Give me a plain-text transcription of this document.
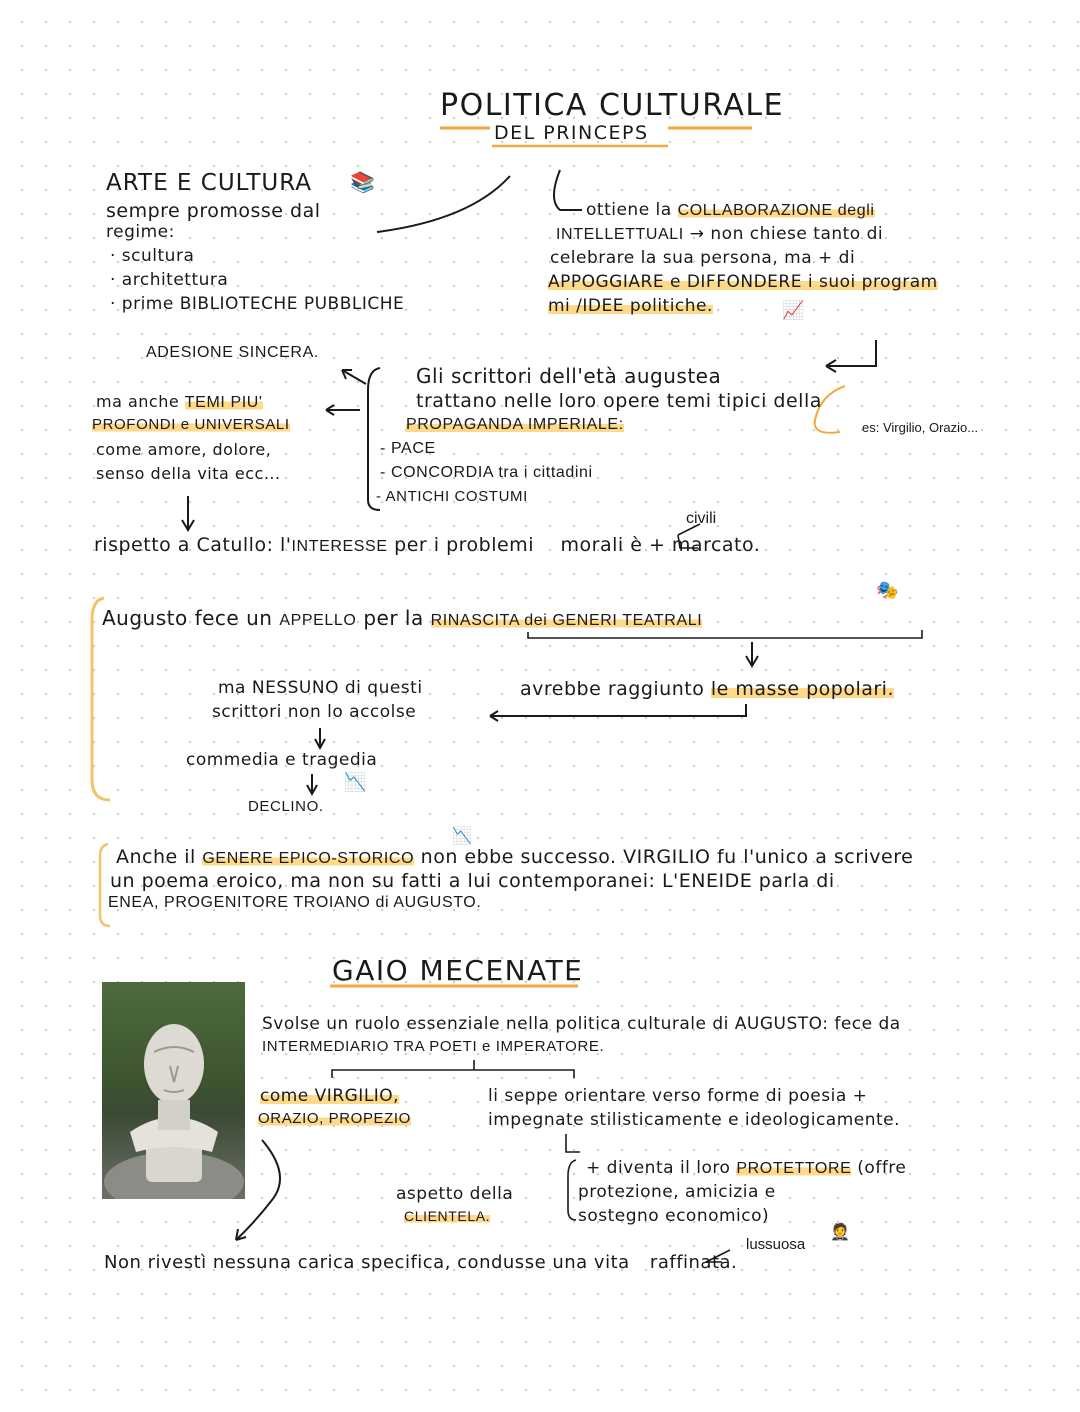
POLITICA CULTURALE
DEL PRINCEPS
ARTE E CULTURA 📚
sempre promosse dal
regime:
· scultura
· architettura
· prime BIBLIOTECHE PUBBLICHE
ottiene la COLLABORAZIONE degli
INTELLETTUALI → non chiese tanto di
celebrare la sua persona, ma + di
APPOGGIARE e DIFFONDERE i suoi program
mi /IDEE politiche.	📈
ADESIONE SINCERA.
ma anche TEMI PIU'
PROFONDI e UNIVERSALI
come amore, dolore,
senso della vita ecc...
Gli scrittori dell'età augustea
trattano nelle loro opere temi tipici della
PROPAGANDA IMPERIALE:	es: Virgilio, Orazio...
- PACE
- CONCORDIA tra i cittadini
- ANTICHI COSTUMI
civili
rispetto a Catullo: l'INTERESSE per i problemi morali è + marcato.
🎭
Augusto fece un APPELLO per la RINASCITA dei GENERI TEATRALI
avrebbe raggiunto le masse popolari.
ma NESSUNO di questi
scrittori non lo accolse
commedia e tragedia
📉
DECLINO.
📉
Anche il GENERE EPICO-STORICO non ebbe successo. VIRGILIO fu l'unico a scrivere
un poema eroico, ma non su fatti a lui contemporanei: L'ENEIDE parla di
ENEA, PROGENITORE TROIANO di AUGUSTO.
GAIO MECENATE
Svolse un ruolo essenziale nella politica culturale di AUGUSTO: fece da
INTERMEDIARIO TRA POETI e IMPERATORE.
come VIRGILIO,
ORAZIO, PROPEZIO
li seppe orientare verso forme di poesia +
impegnate stilisticamente e ideologicamente.
+ diventa il loro PROTETTORE (offre
protezione, amicizia e
sostegno economico)
🤵
aspetto della
CLIENTELA.
lussuosa
Non rivestì nessuna carica specifica, condusse una vita raffinata.
